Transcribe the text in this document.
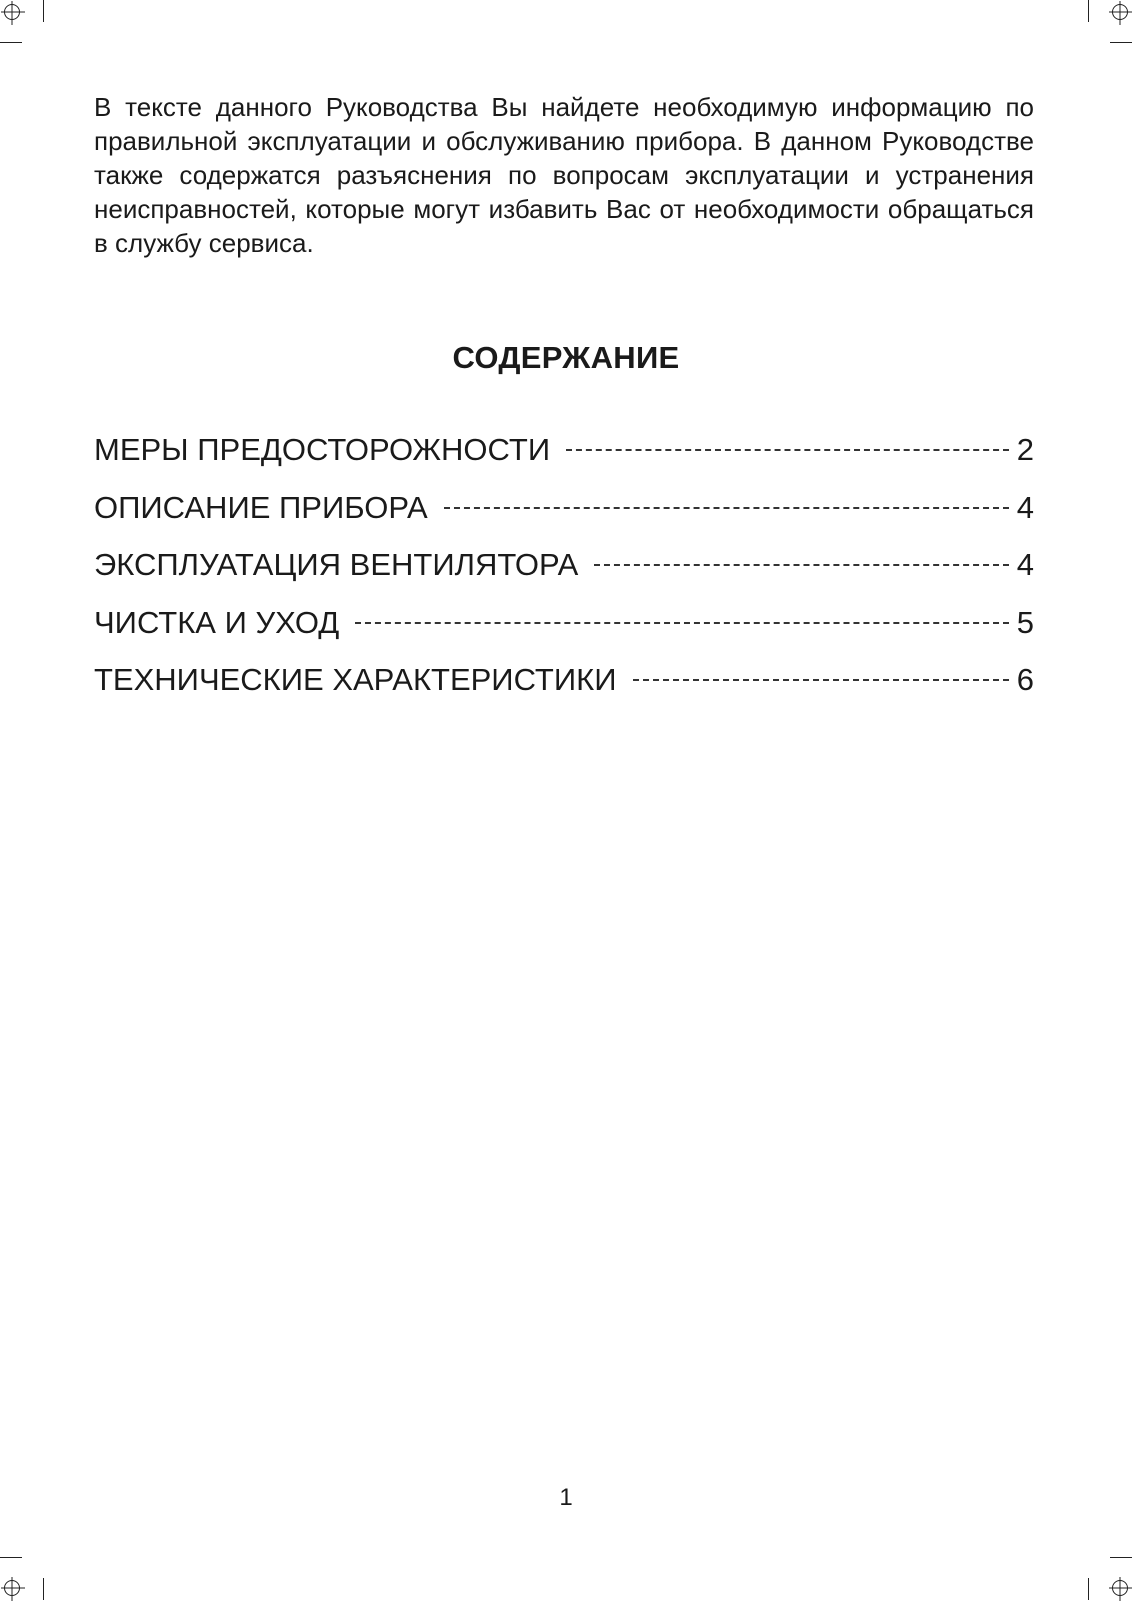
В тексте данного Руководства Вы найдете необходимую информацию по правильной эксплуатации и обслуживанию прибора. В данном Руководстве также содержатся разъяснения по вопросам эксплуатации и устранения неисправностей, которые могут избавить Вас от необходимости обращаться в службу сервиса.

СОДЕРЖАНИЕ
МЕРЫ ПРЕДОСТОРОЖНОСТИ	2
ОПИСАНИЕ ПРИБОРА	4
ЭКСПЛУАТАЦИЯ ВЕНТИЛЯТОРА	4
ЧИСТКА И УХОД	5
ТЕХНИЧЕСКИЕ ХАРАКТЕРИСТИКИ	6

1
